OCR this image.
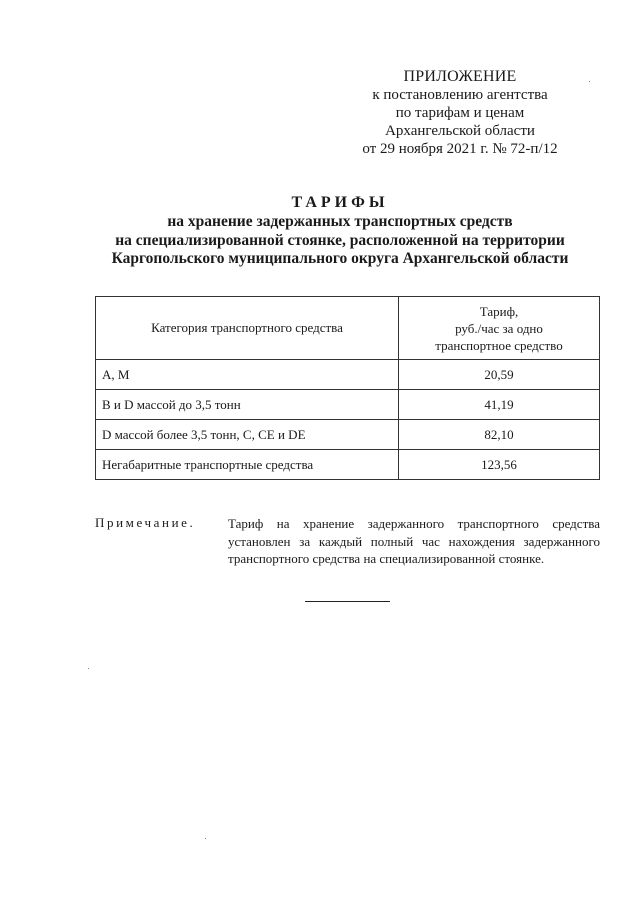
ПРИЛОЖЕНИЕ
к постановлению агентства
по тарифам и ценам
Архангельской области
от 29 ноября 2021 г. № 72-п/12
ТАРИФЫ
на хранение задержанных транспортных средств
на специализированной стоянке, расположенной на территории
Каргопольского муниципального округа Архангельской области
Категория транспортного средства	Тариф,
руб./час за одно
транспортное средство

А, М	20,59
В и D массой до 3,5 тонн	41,19
D массой более 3,5 тонн, С, СЕ и DE	82,10
Негабаритные транспортные средства	123,56
Примечание.	Тариф на хранение задержанного транспортного средства установлен за каждый полный час нахождения задержанного транспортного средства на специализированной стоянке.
